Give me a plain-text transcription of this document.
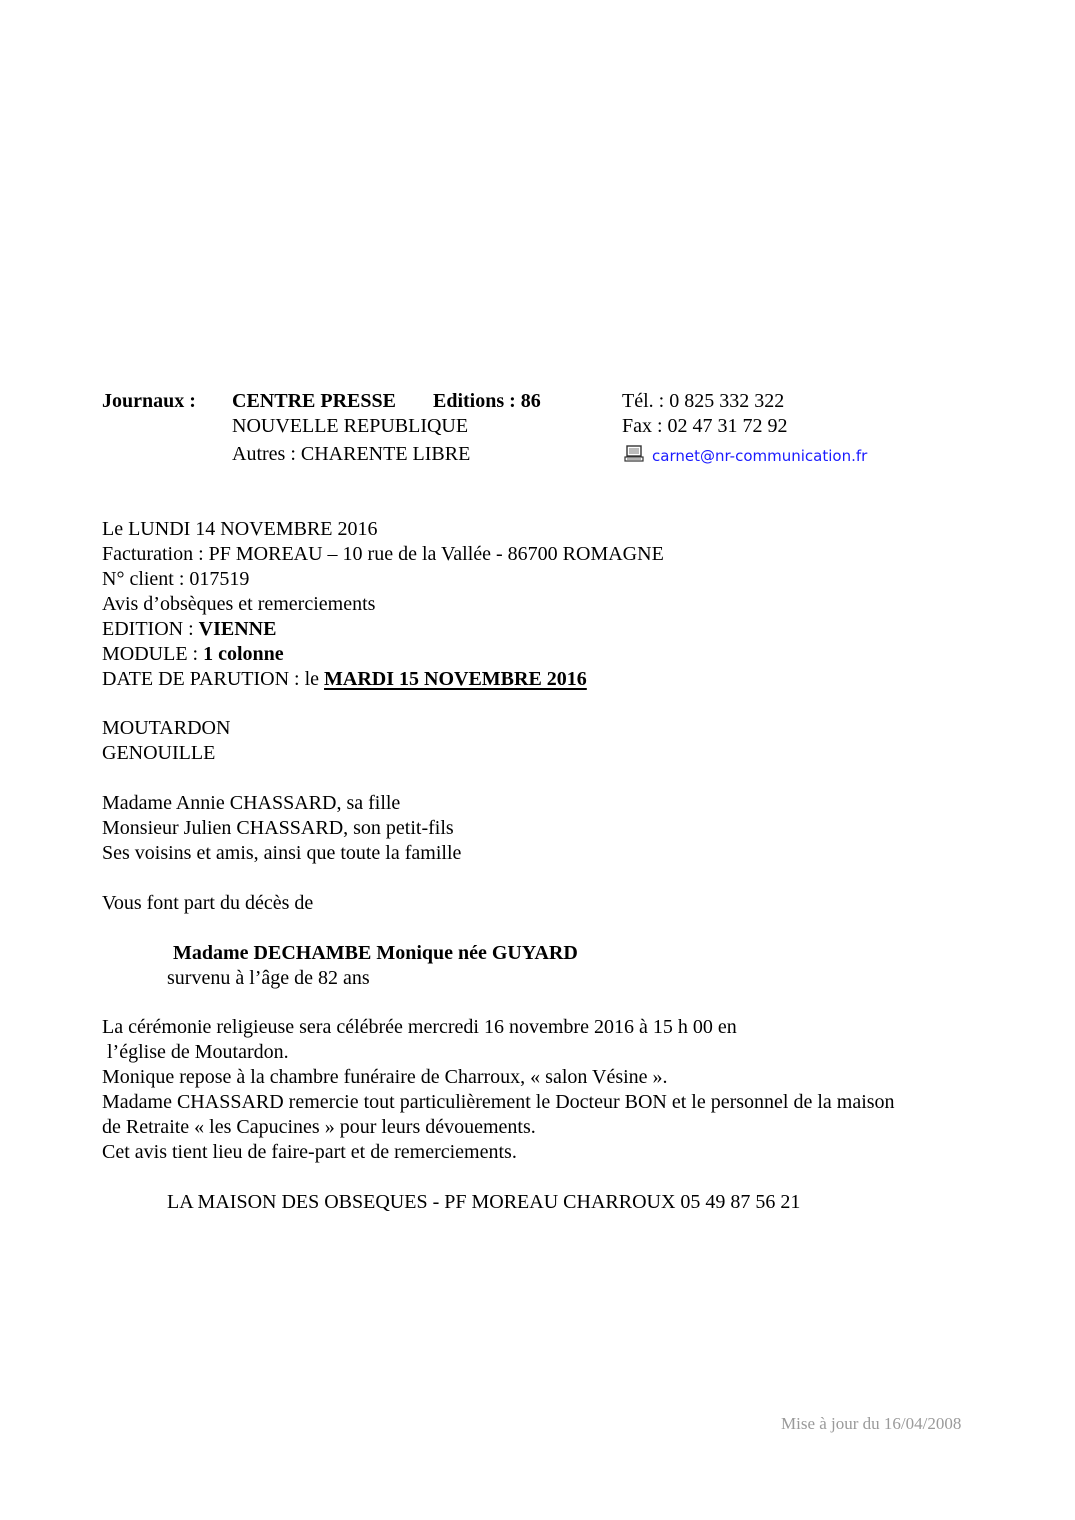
Journaux : CENTRE PRESSE Editions : 86
NOUVELLE REPUBLIQUE
Autres : CHARENTE LIBRE
Tél. : 0 825 332 322
Fax : 02 47 31 72 92
carnet@nr-communication.fr
Le LUNDI 14 NOVEMBRE 2016
Facturation : PF MOREAU – 10 rue de la Vallée - 86700 ROMAGNE
N° client : 017519
Avis d’obsèques et remerciements
EDITION : VIENNE
MODULE : 1 colonne
DATE DE PARUTION : le MARDI 15 NOVEMBRE 2016
MOUTARDON
GENOUILLE
Madame Annie CHASSARD, sa fille
Monsieur Julien CHASSARD, son petit-fils
Ses voisins et amis, ainsi que toute la famille
Vous font part du décès de
Madame DECHAMBE Monique née GUYARD
survenu à l’âge de 82 ans
La cérémonie religieuse sera célébrée mercredi 16 novembre 2016 à 15 h 00 en
l’église de Moutardon.
Monique repose à la chambre funéraire de Charroux, « salon Vésine ».
Madame CHASSARD remercie tout particulièrement le Docteur BON et le personnel de la maison
de Retraite « les Capucines » pour leurs dévouements.
Cet avis tient lieu de faire-part et de remerciements.
LA MAISON DES OBSEQUES - PF MOREAU CHARROUX 05 49 87 56 21
Mise à jour du 16/04/2008
